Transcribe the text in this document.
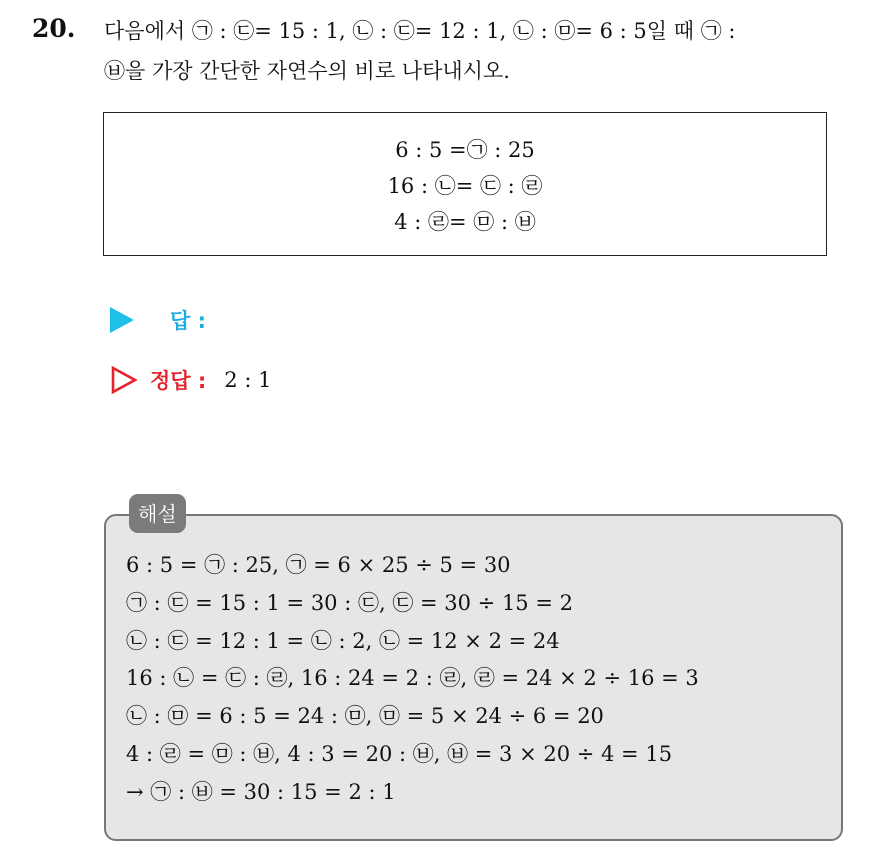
20. 다음에서 ㉠ : ㉢= 15 : 1, ㉡ : ㉢= 12 : 1, ㉡ : ㉤= 6 : 5일 때 ㉠ :
㉥을 가장 간단한 자연수의 비로 나타내시오.
6 : 5 =㉠ : 25
16 : ㉡= ㉢ : ㉣
4 : ㉣= ㉤ : ㉥
답 :
정답 : 2 : 1
6 : 5 = ㉠ : 25, ㉠ = 6 × 25 ÷ 5 = 30
㉠ : ㉢ = 15 : 1 = 30 : ㉢, ㉢ = 30 ÷ 15 = 2
㉡ : ㉢ = 12 : 1 = ㉡ : 2, ㉡ = 12 × 2 = 24
16 : ㉡ = ㉢ : ㉣, 16 : 24 = 2 : ㉣, ㉣ = 24 × 2 ÷ 16 = 3
㉡ : ㉤ = 6 : 5 = 24 : ㉤, ㉤ = 5 × 24 ÷ 6 = 20
4 : ㉣ = ㉤ : ㉥, 4 : 3 = 20 : ㉥, ㉥ = 3 × 20 ÷ 4 = 15
→ ㉠ : ㉥ = 30 : 15 = 2 : 1
해설
